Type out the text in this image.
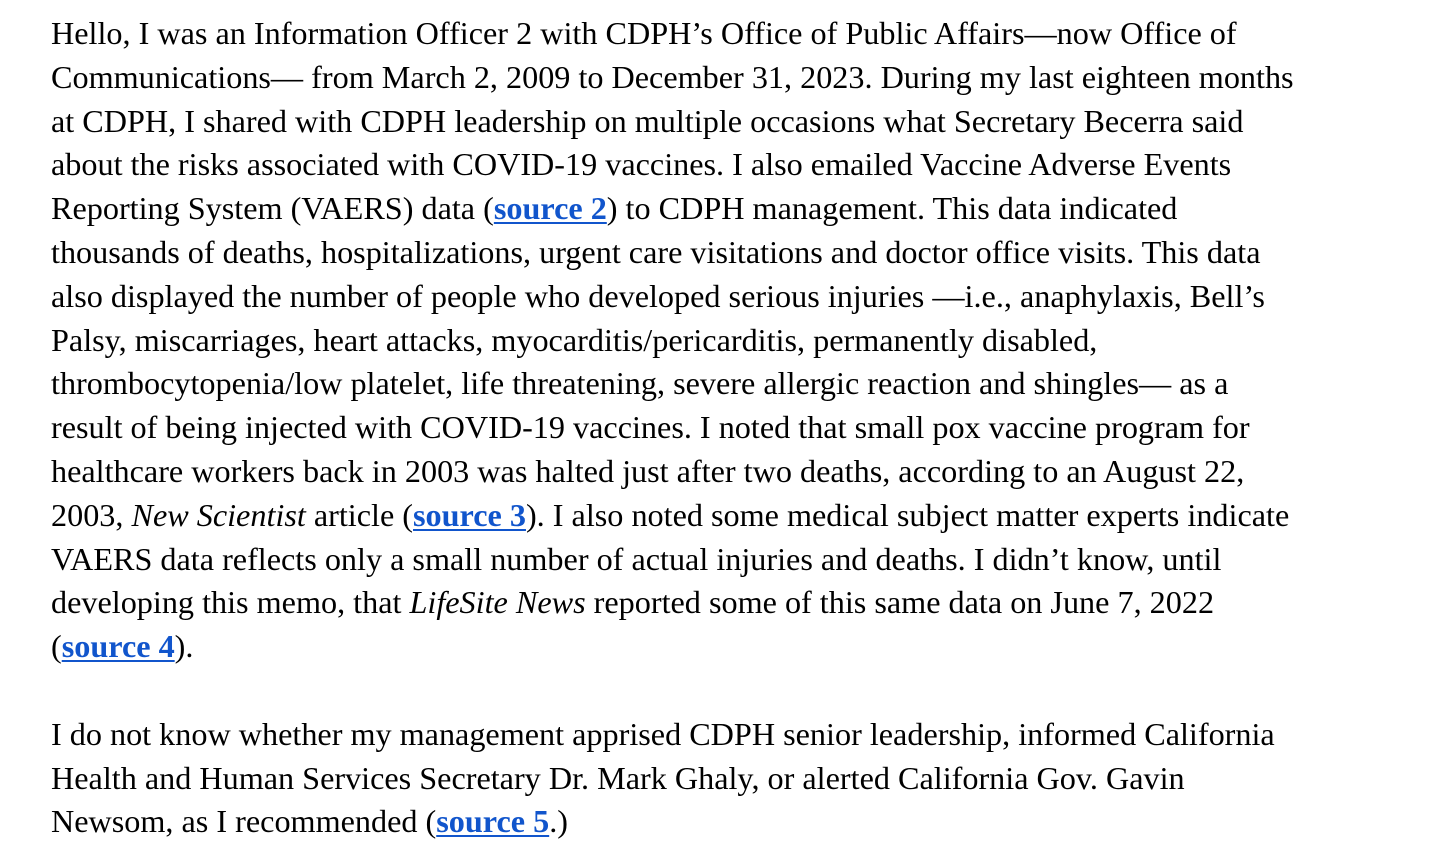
Hello, I was an Information Officer 2 with CDPH’s Office of Public Affairs—now Office of

Communications— from March 2, 2009 to December 31, 2023. During my last eighteen months

at CDPH, I shared with CDPH leadership on multiple occasions what Secretary Becerra said

about the risks associated with COVID-19 vaccines. I also emailed Vaccine Adverse Events

Reporting System (VAERS) data (source 2) to CDPH management. This data indicated

thousands of deaths, hospitalizations, urgent care visitations and doctor office visits. This data

also displayed the number of people who developed serious injuries —i.e., anaphylaxis, Bell’s

Palsy, miscarriages, heart attacks, myocarditis/pericarditis, permanently disabled,

thrombocytopenia/low platelet, life threatening, severe allergic reaction and shingles— as a

result of being injected with COVID-19 vaccines. I noted that small pox vaccine program for

healthcare workers back in 2003 was halted just after two deaths, according to an August 22,

2003, New Scientist article (source 3). I also noted some medical subject matter experts indicate

VAERS data reflects only a small number of actual injuries and deaths. I didn’t know, until

developing this memo, that LifeSite News reported some of this same data on June 7, 2022

(source 4).

I do not know whether my management apprised CDPH senior leadership, informed California

Health and Human Services Secretary Dr. Mark Ghaly, or alerted California Gov. Gavin

Newsom, as I recommended (source 5.)
